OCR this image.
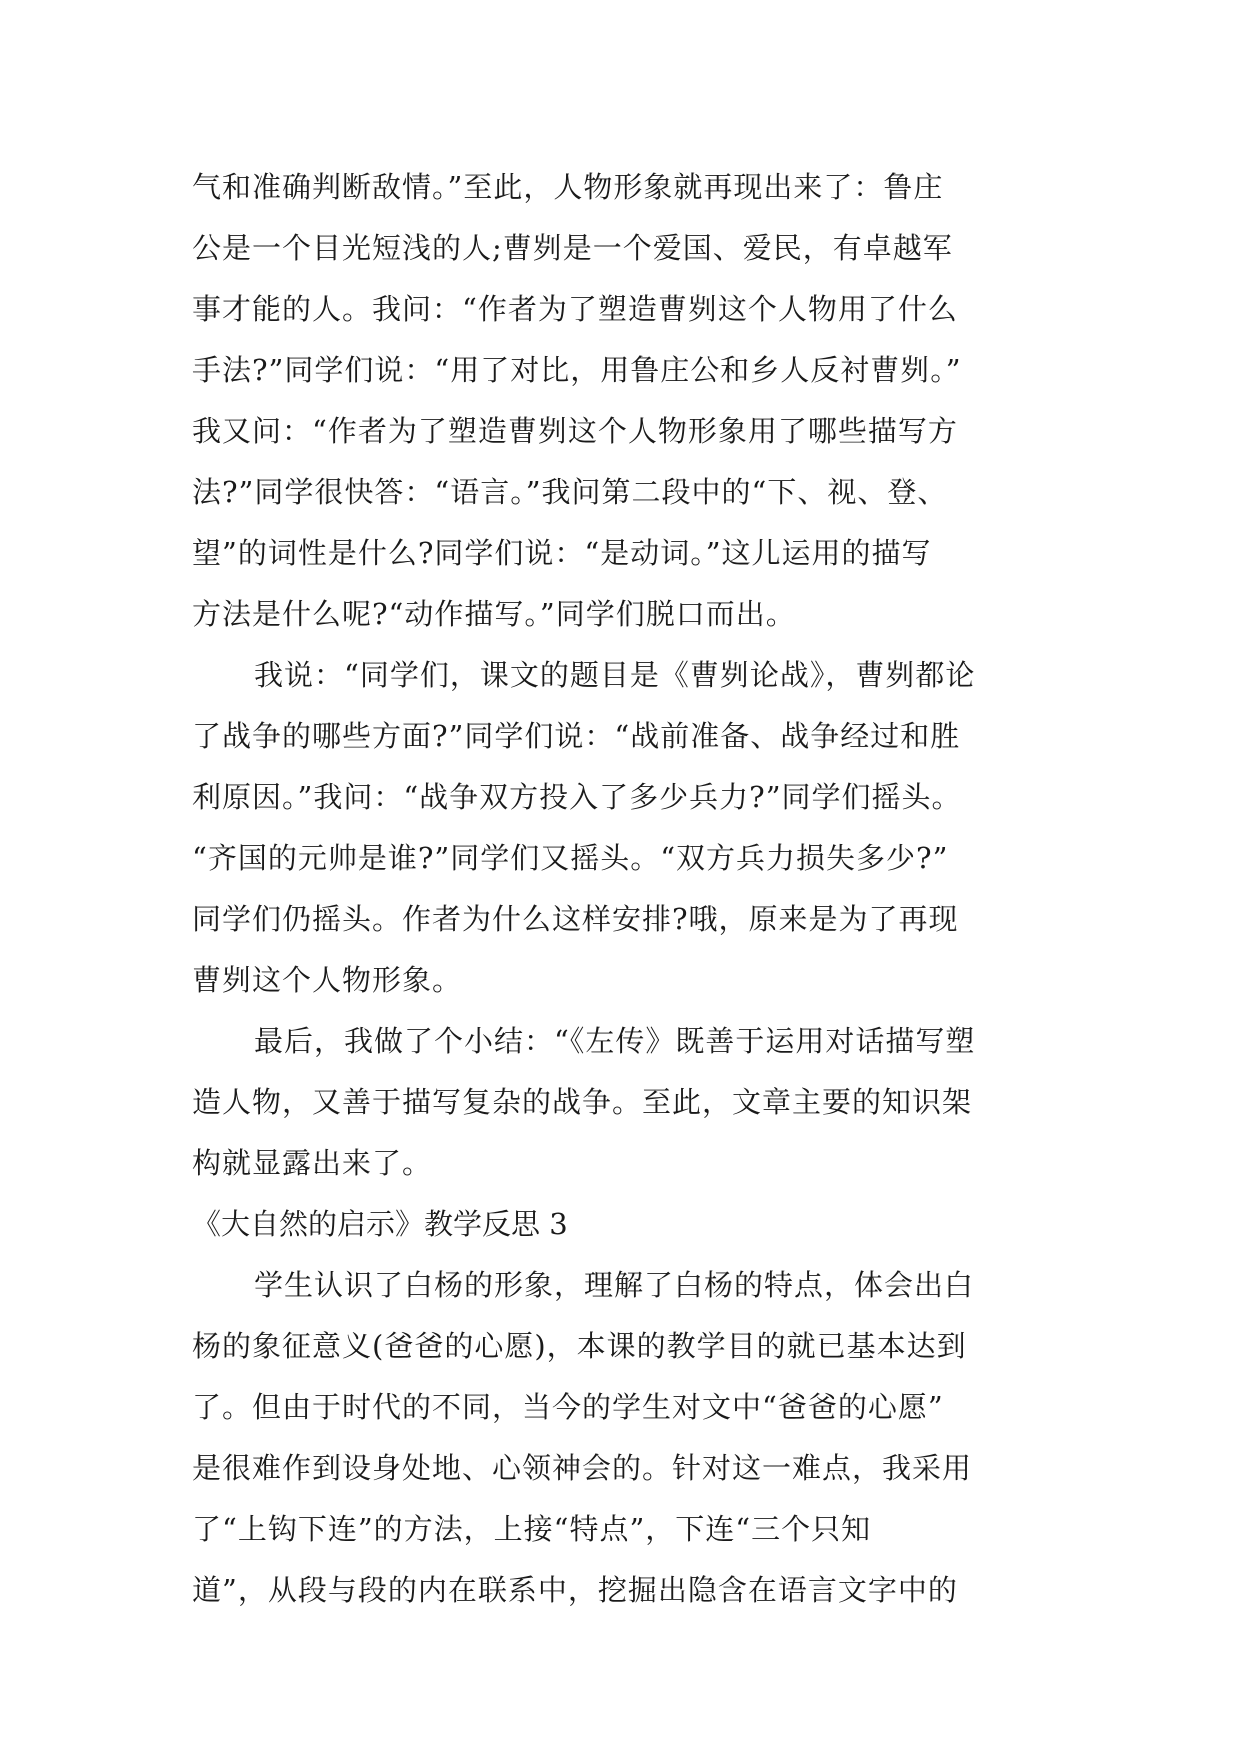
气和准确判断敌情。”至此，人物形象就再现出来了：鲁庄
公是一个目光短浅的人;曹刿是一个爱国、爱民，有卓越军
事才能的人。我问：“作者为了塑造曹刿这个人物用了什么
手法?”同学们说：“用了对比，用鲁庄公和乡人反衬曹刿。”
我又问：“作者为了塑造曹刿这个人物形象用了哪些描写方
法?”同学很快答：“语言。”我问第二段中的“下、视、登、
望”的词性是什么?同学们说：“是动词。”这儿运用的描写
方法是什么呢?“动作描写。”同学们脱口而出。
我说：“同学们，课文的题目是《曹刿论战》，曹刿都论
了战争的哪些方面?”同学们说：“战前准备、战争经过和胜
利原因。”我问：“战争双方投入了多少兵力?”同学们摇头。
“齐国的元帅是谁?”同学们又摇头。“双方兵力损失多少?”
同学们仍摇头。作者为什么这样安排?哦，原来是为了再现
曹刿这个人物形象。
最后，我做了个小结：“《左传》既善于运用对话描写塑
造人物，又善于描写复杂的战争。至此，文章主要的知识架
构就显露出来了。
《大自然的启示》教学反思 3
学生认识了白杨的形象，理解了白杨的特点，体会出白
杨的象征意义(爸爸的心愿)，本课的教学目的就已基本达到
了。但由于时代的不同，当今的学生对文中“爸爸的心愿”
是很难作到设身处地、心领神会的。针对这一难点，我采用
了“上钩下连”的方法，上接“特点”，下连“三个只知
道”，从段与段的内在联系中，挖掘出隐含在语言文字中的
